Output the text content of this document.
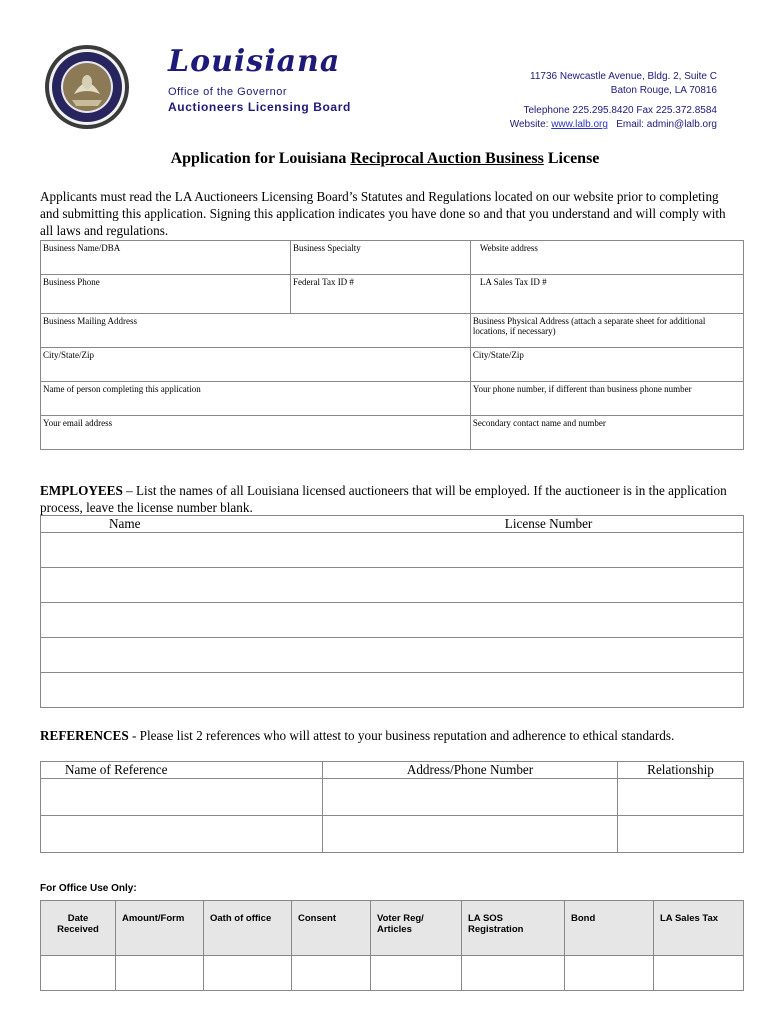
Louisiana
Office of the Governor
Auctioneers Licensing Board
11736 Newcastle Avenue, Bldg. 2, Suite C
Baton Rouge, LA 70816
Telephone 225.295.8420 Fax 225.372.8584
Website: www.lalb.org   Email: admin@lalb.org
Application for Louisiana Reciprocal Auction Business License
Applicants must read the LA Auctioneers Licensing Board’s Statutes and Regulations located on our website prior to completing and submitting this application. Signing this application indicates you have done so and that you understand and will comply with all laws and regulations.
Business Name/DBA	Business Specialty	Website address
Business Phone	Federal Tax ID #	LA Sales Tax ID #
Business Mailing Address		Business Physical Address (attach a separate sheet for additional locations, if necessary)
City/State/Zip		City/State/Zip
Name of person completing this application		Your phone number, if different than business phone number
Your email address		Secondary contact name and number
EMPLOYEES – List the names of all Louisiana licensed auctioneers that will be employed. If the auctioneer is in the application process, leave the license number blank.
Name	License Number

REFERENCES - Please list 2 references who will attest to your business reputation and adherence to ethical standards.
Name of Reference	Address/Phone Number	Relationship

For Office Use Only:
Date Received	Amount/Form	Oath of office	Consent	Voter Reg/ Articles	LA SOS Registration	Bond	LA Sales Tax
